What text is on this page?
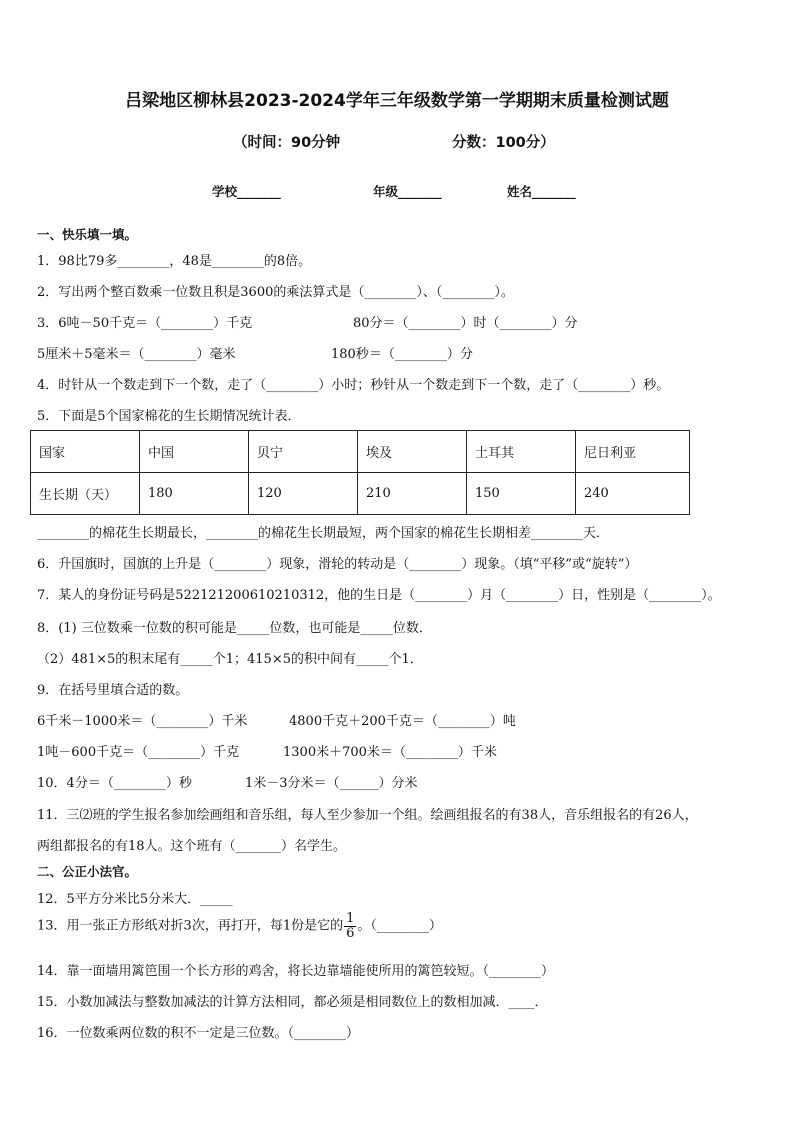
吕梁地区柳林县2023-2024学年三年级数学第一学期期末质量检测试题
（时间：90分钟	分数：100分）
学校_______	年级_______	姓名_______
一、快乐填一填。
1．98比79多________，48是________的8倍。
2．写出两个整百数乘一位数且积是3600的乘法算式是（________）、（________）。
3．6吨－50千克＝（________）千克	80分＝（________）时（________）分
5厘米＋5毫米＝（________）毫米	180秒＝（________）分
4．时针从一个数走到下一个数，走了（________）小时；秒针从一个数走到下一个数，走了（________）秒。
5．下面是5个国家棉花的生长期情况统计表．
国家	中国	贝宁	埃及	土耳其	尼日利亚
生长期（天）	180	120	210	150	240
________的棉花生长期最长，________的棉花生长期最短，两个国家的棉花生长期相差________天．
6．升国旗时，国旗的上升是（________）现象，滑轮的转动是（________）现象。（填“平移”或“旋转”）
7．某人的身份证号码是522121200610210312，他的生日是（________）月（________）日，性别是（________）。
8．(1) 三位数乘一位数的积可能是_____位数，也可能是_____位数．
（2）481×5的积末尾有_____个1；415×5的积中间有_____个1．
9．在括号里填合适的数。
6千米－1000米＝（________）千米	4800千克＋200千克＝（________）吨
1吨－600千克＝（________）千克	1300米＋700米＝（________）千米
10．4分＝（________）秒	1米－3分米＝（______）分米
11．三⑵班的学生报名参加绘画组和音乐组，每人至少参加一个组。绘画组报名的有38人，音乐组报名的有26人，
两组都报名的有18人。这个班有（_______）名学生。
二、公正小法官。
12．5平方分米比5分米大．_____
13．用一张正方形纸对折3次，再打开，每1份是它的 $\frac{1}{6}$ 。（________）
14．靠一面墙用篱笆围一个长方形的鸡舍，将长边靠墙能使所用的篱笆较短。（________）
15．小数加减法与整数加减法的计算方法相同，都必须是相同数位上的数相加减．____．
16．一位数乘两位数的积不一定是三位数。（________）
